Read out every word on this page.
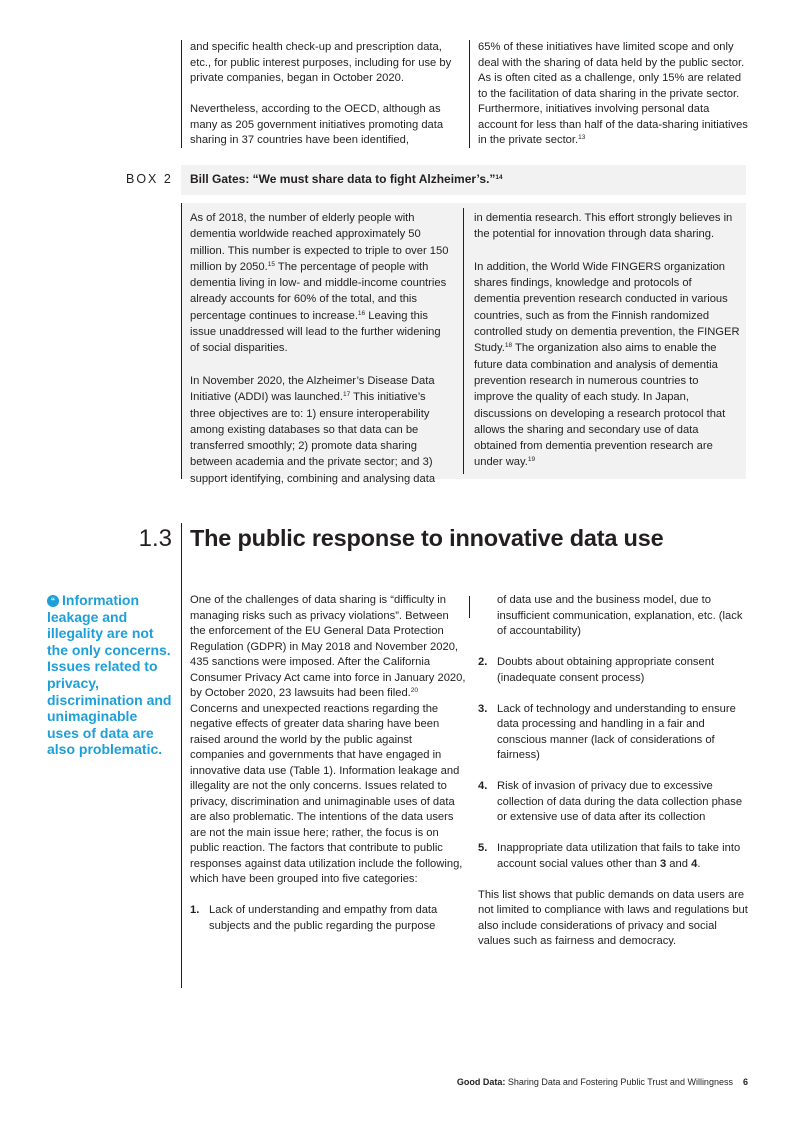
and specific health check-up and prescription data, etc., for public interest purposes, including for use by private companies, began in October 2020.

Nevertheless, according to the OECD, although as many as 205 government initiatives promoting data sharing in 37 countries have been identified,

65% of these initiatives have limited scope and only deal with the sharing of data held by the public sector. As is often cited as a challenge, only 15% are related to the facilitation of data sharing in the private sector. Furthermore, initiatives involving personal data account for less than half of the data-sharing initiatives in the private sector.$^{13}$

BOX 2 Bill Gates: “We must share data to fight Alzheimer’s.”$^{14}$

As of 2018, the number of elderly people with dementia worldwide reached approximately 50 million. This number is expected to triple to over 150 million by 2050.15 The percentage of people with dementia living in low- and middle-income countries already accounts for 60% of the total, and this percentage continues to increase.$^{16}$ Leaving this issue unaddressed will lead to the further widening of social disparities.

In November 2020, the Alzheimer’s Disease Data Initiative (ADDI) was launched.$^{17}$ This initiative’s three objectives are to: 1) ensure interoperability among existing databases so that data can be transferred smoothly; 2) promote data sharing between academia and the private sector; and 3) support identifying, combining and analysing data

in dementia research. This effort strongly believes in the potential for innovation through data sharing.

In addition, the World Wide FINGERS organization shares findings, knowledge and protocols of dementia prevention research conducted in various countries, such as from the Finnish randomized controlled study on dementia prevention, the FINGER Study.$^{18}$ The organization also aims to enable the future data combination and analysis of dementia prevention research in numerous countries to improve the quality of each study. In Japan, discussions on developing a research protocol that allows the sharing and secondary use of data obtained from dementia prevention research are under way.$^{19}$

1.3 The public response to innovative data use
“ Information leakage and illegality are not the only concerns. Issues related to privacy, discrimination and unimaginable uses of data are also problematic.

One of the challenges of data sharing is “difficulty in managing risks such as privacy violations”. Between the enforcement of the EU General Data Protection Regulation (GDPR) in May 2018 and November 2020, 435 sanctions were imposed. After the California Consumer Privacy Act came into force in January 2020, by October 2020, 23 lawsuits had been filed.$^{20}$ Concerns and unexpected reactions regarding the negative effects of greater data sharing have been raised around the world by the public against companies and governments that have engaged in innovative data use (Table 1). Information leakage and illegality are not the only concerns. Issues related to privacy, discrimination and unimaginable uses of data are also problematic. The intentions of the data users are not the main issue here; rather, the focus is on public reaction. The factors that contribute to public responses against data utilization include the following, which have been grouped into five categories:

1. Lack of understanding and empathy from data subjects and the public regarding the purpose
of data use and the business model, due to insufficient communication, explanation, etc. (lack of accountability)
2. Doubts about obtaining appropriate consent (inadequate consent process)
3. Lack of technology and understanding to ensure data processing and handling in a fair and conscious manner (lack of considerations of fairness)
4. Risk of invasion of privacy due to excessive collection of data during the data collection phase or extensive use of data after its collection
5. Inappropriate data utilization that fails to take into account social values other than 3 and 4.

This list shows that public demands on data users are not limited to compliance with laws and regulations but also include considerations of privacy and social values such as fairness and democracy.

Good Data: Sharing Data and Fostering Public Trust and Willingness 6
